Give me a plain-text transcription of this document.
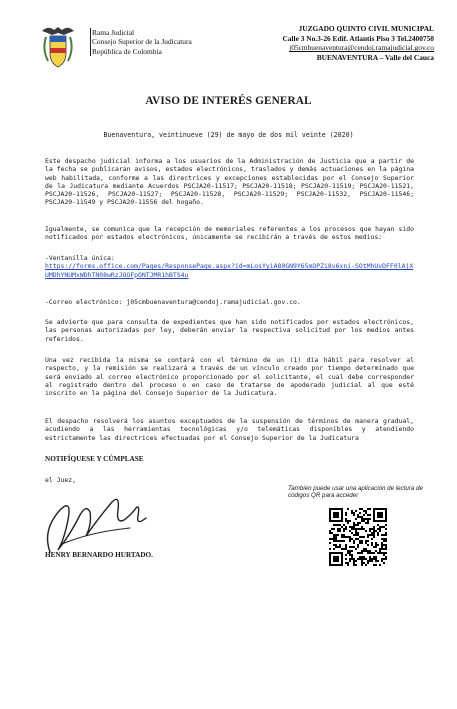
Rama Judicial
Consejo Superior de la Judicatura
República de Colombia
JUZGADO QUINTO CIVIL MUNICIPAL
Calle 3 No.3-26 Edif. Atlantis Piso 3 Tel.2400750
j05cmbuenaventura@cendoj.ramajudicial.gov.co
BUENAVENTURA – Valle del Cauca
AVISO DE INTERÉS GENERAL
Buenaventura, veintinueve (29) de mayo de dos mil veinte (2020)

Este despacho judicial informa a los usuarios de la Administración de Justicia que a partir de la fecha se publicaran avisos, estados electrónicos, traslados y demás actuaciones en la página web habilitada, conforme a las directrices y excepciones establecidas por el Consejo Superior de la Judicatura mediante Acuerdos PSCJA20-11517; PSCJA20-11518; PSCJA20-11519; PSCJA20-11521, PSCJA20-11526, PSCJA20-11527; PSCJA20-11528, PSCJA20-11529; PSCJA20-11532, PSCJA20-11546; PSCJA20-11549 y PSCJA20-11556 del hogaño.

Igualmente, se comunica que la recepción de memoriales referentes a los procesos que hayan sido notificados por estados electrónicos, únicamente se recibirán a través de estos medios:

-Ventanilla única:
https://forms.office.com/Pages/ResponsePage.aspx?id=mLosYyiA80GN9Y65mOPZi8v6xni-SOtMhUvDFF0lAjXUMDhYNUMxWDhTN08wRzJOOFpONTJMR1hBTS4u

-Correo electrónico: j05cmbuenaventura@cendoj.ramajudicial.gov.co.

Se advierte que para consulta de expedientes que han sido notificados por estados electrónicos, las personas autorizadas por ley, deberán enviar la respectiva solicitud por los medios antes referidos.

Una vez recibida la misma se contará con el término de un (1) día hábil para resolver al respecto, y la remisión se realizará a través de un vínculo creado por tiempo determinado que será enviado al correo electrónico proporcionado por el solicitante, el cual debe corresponder al registrado dentro del proceso o en caso de tratarse de apoderado judicial al que esté inscrito en la página del Consejo Superior de la Judicatura.

El despacho resolverá los asuntos exceptuados de la suspensión de términos de manera gradual, acudiendo a las herramientas tecnológicas y/o telemáticas disponibles y atendiendo estrictamente las directrices efectuadas por el Consejo Superior de la Judicatura

NOTIFÍQUESE Y CÚMPLASE

el Juez,

HENRY BERNARDO HURTADO.

También puede usar una aplicación de lectura de códigos QR para acceder
